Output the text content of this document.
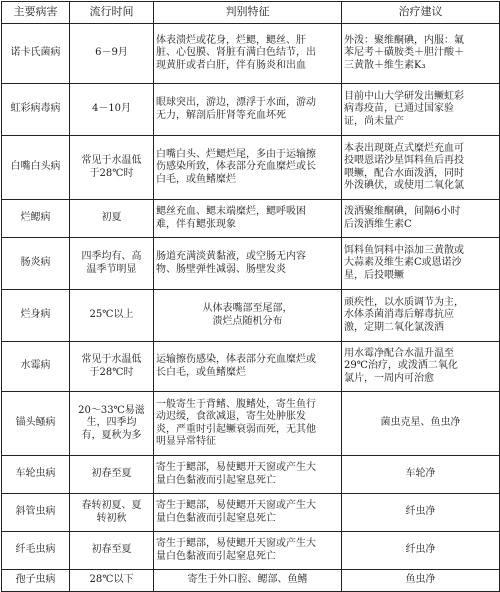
主要病害	流行时间	判别特征	治疗建议

诺卡氏菌病	6－9月	体表溃烂或花身，烂鳃，鳃丝、肝
脏、心包膜、肾脏有满白色结节，出
现黄肝或者白肝，伴有肠炎和出血	外泼：聚维酮碘，内服：氟
苯尼考＋磺胺类＋胆汁酸＋
三黄散＋维生素K₃

虹彩病毒病	4－10月	眼球突出，游边，漂浮于水面，游动
无力，解剖后肝肾等充血坏死	目前中山大学研发出鳜虹彩
病毒疫苗，已通过国家验
证，尚未量产

白嘴白头病	常见于水温低
于28℃时	白嘴白头、烂鳃烂尾，多由于运输擦
伤感染所致，体表部分充血糜烂或长
白毛，或鱼鳍糜烂	本表出现斑点式糜烂充血可
投喂恩诺沙星饵料鱼后再投
喂鳜，配合水面泼洒，同时
外泼碘伏，或使用二氧化氯

烂鳃病	初夏	鳃丝充血、鳃末端糜烂，鳃呼吸困
难，伴有鳃张现象	泼洒聚维酮碘，间隔6小时
后泼洒维生素C

肠炎病	四季均有、高
温季节明显	肠道充满淡黄黏液，或空肠无内容
物、肠壁弹性减弱、肠壁发炎	饵料鱼饲料中添加三黄散或
大蒜素及维生素C或恩诺沙
星，后投喂鳜

烂身病	25℃以上	从体表嘴部至尾部，
溃烂点随机分布	顽疾性，以水质调节为主，
水体杀菌消毒后解毒抗应
激，定期二氧化氯泼洒

水霉病	常见于水温低
于28℃时	运输擦伤感染，体表部分充血糜烂或
长白毛，或鱼鳍糜烂	用水霉净配合水温升温至
29℃治疗，或泼洒二氧化
氯片，一周内可治愈

锚头鳋病	20～33℃易滋
生，四季均
有，夏秋为多	一般寄生于背鳍、腹鳍处，寄生鱼行
动迟缓，食欲减退，寄生处肿胀发
炎，严重时引起鳜衰弱而死，无其他
明显异常特征	菌虫克星、鱼虫净

车轮虫病	初春至夏	寄生于鳃部，易使鳃开天窗或产生大
量白色黏液而引起窒息死亡	车轮净

斜管虫病	春转初夏、夏
转初秋	寄生于鳃部，易使鳃开天窗或产生大
量白色黏液而引起窒息死亡	纤虫净

纤毛虫病	初春至夏	寄生于鳃部，易使鳃开天窗或产生大
量白色黏液而引起窒息死亡	纤虫净

孢子虫病	28℃以下	寄生于外口腔、鳃部、鱼鳍	鱼虫净
